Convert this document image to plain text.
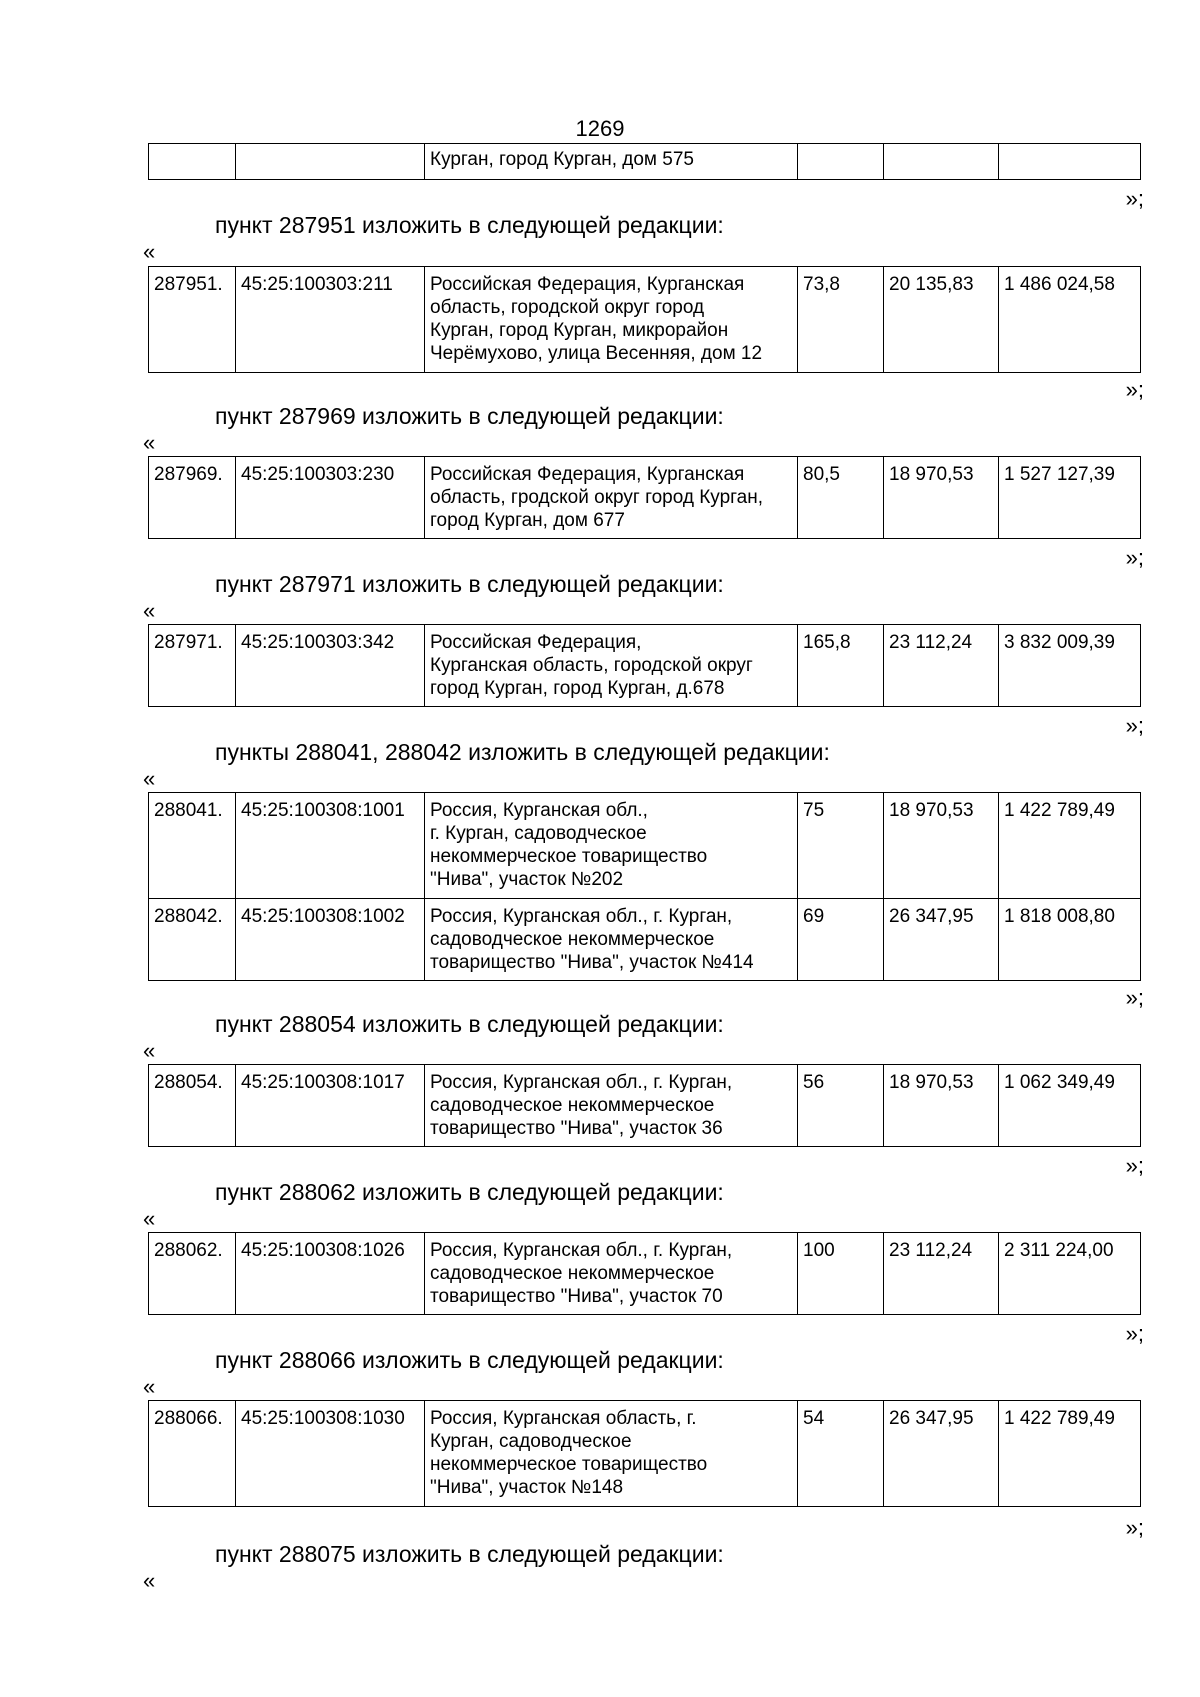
1269
		Курган, город Курган, дом 575			
»;
пункт 287951 изложить в следующей редакции:
«
287951.	45:25:100303:211	Российская Федерация, Курганская
область, городской округ город
Курган, город Курган, микрорайон
Черёмухово, улица Весенняя, дом 12	73,8	20 135,83	1 486 024,58
»;
пункт 287969 изложить в следующей редакции:
«
287969.	45:25:100303:230	Российская Федерация, Курганская
область, гродской округ город Курган,
город Курган, дом 677	80,5	18 970,53	1 527 127,39
»;
пункт 287971 изложить в следующей редакции:
«
287971.	45:25:100303:342	Российская Федерация,
Курганская область, городской округ
город Курган, город Курган, д.678	165,8	23 112,24	3 832 009,39
»;
пункты 288041, 288042 изложить в следующей редакции:
«
288041.	45:25:100308:1001	Россия, Курганская обл.,
г. Курган, садоводческое
некоммерческое товарищество
"Нива", участок №202	75	18 970,53	1 422 789,49
288042.	45:25:100308:1002	Россия, Курганская обл., г. Курган,
садоводческое некоммерческое
товарищество "Нива", участок №414	69	26 347,95	1 818 008,80
»;
пункт 288054 изложить в следующей редакции:
«
288054.	45:25:100308:1017	Россия, Курганская обл., г. Курган,
садоводческое некоммерческое
товарищество "Нива", участок 36	56	18 970,53	1 062 349,49
»;
пункт 288062 изложить в следующей редакции:
«
288062.	45:25:100308:1026	Россия, Курганская обл., г. Курган,
садоводческое некоммерческое
товарищество "Нива", участок 70	100	23 112,24	2 311 224,00
»;
пункт 288066 изложить в следующей редакции:
«
288066.	45:25:100308:1030	Россия, Курганская область, г.
Курган, садоводческое
некоммерческое товарищество
"Нива", участок №148	54	26 347,95	1 422 789,49
»;
пункт 288075 изложить в следующей редакции:
«
